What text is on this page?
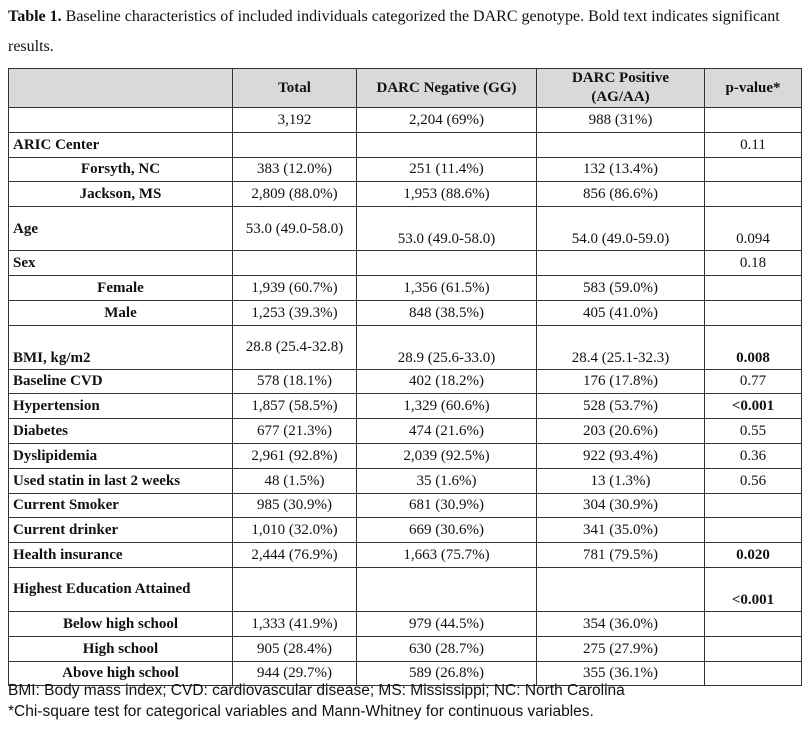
Table 1. Baseline characteristics of included individuals categorized the DARC genotype. Bold text indicates significant results.
	Total	DARC Negative (GG)	DARC Positive (AG/AA)	p-value*
	3,192	2,204 (69%)	988 (31%)	
ARIC Center				0.11
Forsyth, NC	383 (12.0%)	251 (11.4%)	132 (13.4%)	
Jackson, MS	2,809 (88.0%)	1,953 (88.6%)	856 (86.6%)	
Age	53.0 (49.0-58.0)	53.0 (49.0-58.0)	54.0 (49.0-59.0)	0.094
Sex				0.18
Female	1,939 (60.7%)	1,356 (61.5%)	583 (59.0%)	
Male	1,253 (39.3%)	848 (38.5%)	405 (41.0%)	
BMI, kg/m2	28.8 (25.4-32.8)	28.9 (25.6-33.0)	28.4 (25.1-32.3)	0.008
Baseline CVD	578 (18.1%)	402 (18.2%)	176 (17.8%)	0.77
Hypertension	1,857 (58.5%)	1,329 (60.6%)	528 (53.7%)	<0.001
Diabetes	677 (21.3%)	474 (21.6%)	203 (20.6%)	0.55
Dyslipidemia	2,961 (92.8%)	2,039 (92.5%)	922 (93.4%)	0.36
Used statin in last 2 weeks	48 (1.5%)	35 (1.6%)	13 (1.3%)	0.56
Current Smoker	985 (30.9%)	681 (30.9%)	304 (30.9%)	
Current drinker	1,010 (32.0%)	669 (30.6%)	341 (35.0%)	
Health insurance	2,444 (76.9%)	1,663 (75.7%)	781 (79.5%)	0.020
Highest Education Attained				<0.001
Below high school	1,333 (41.9%)	979 (44.5%)	354 (36.0%)	
High school	905 (28.4%)	630 (28.7%)	275 (27.9%)	
Above high school	944 (29.7%)	589 (26.8%)	355 (36.1%)	
BMI: Body mass index; CVD: cardiovascular disease; MS: Mississippi; NC: North Carolina
*Chi-square test for categorical variables and Mann-Whitney for continuous variables.
